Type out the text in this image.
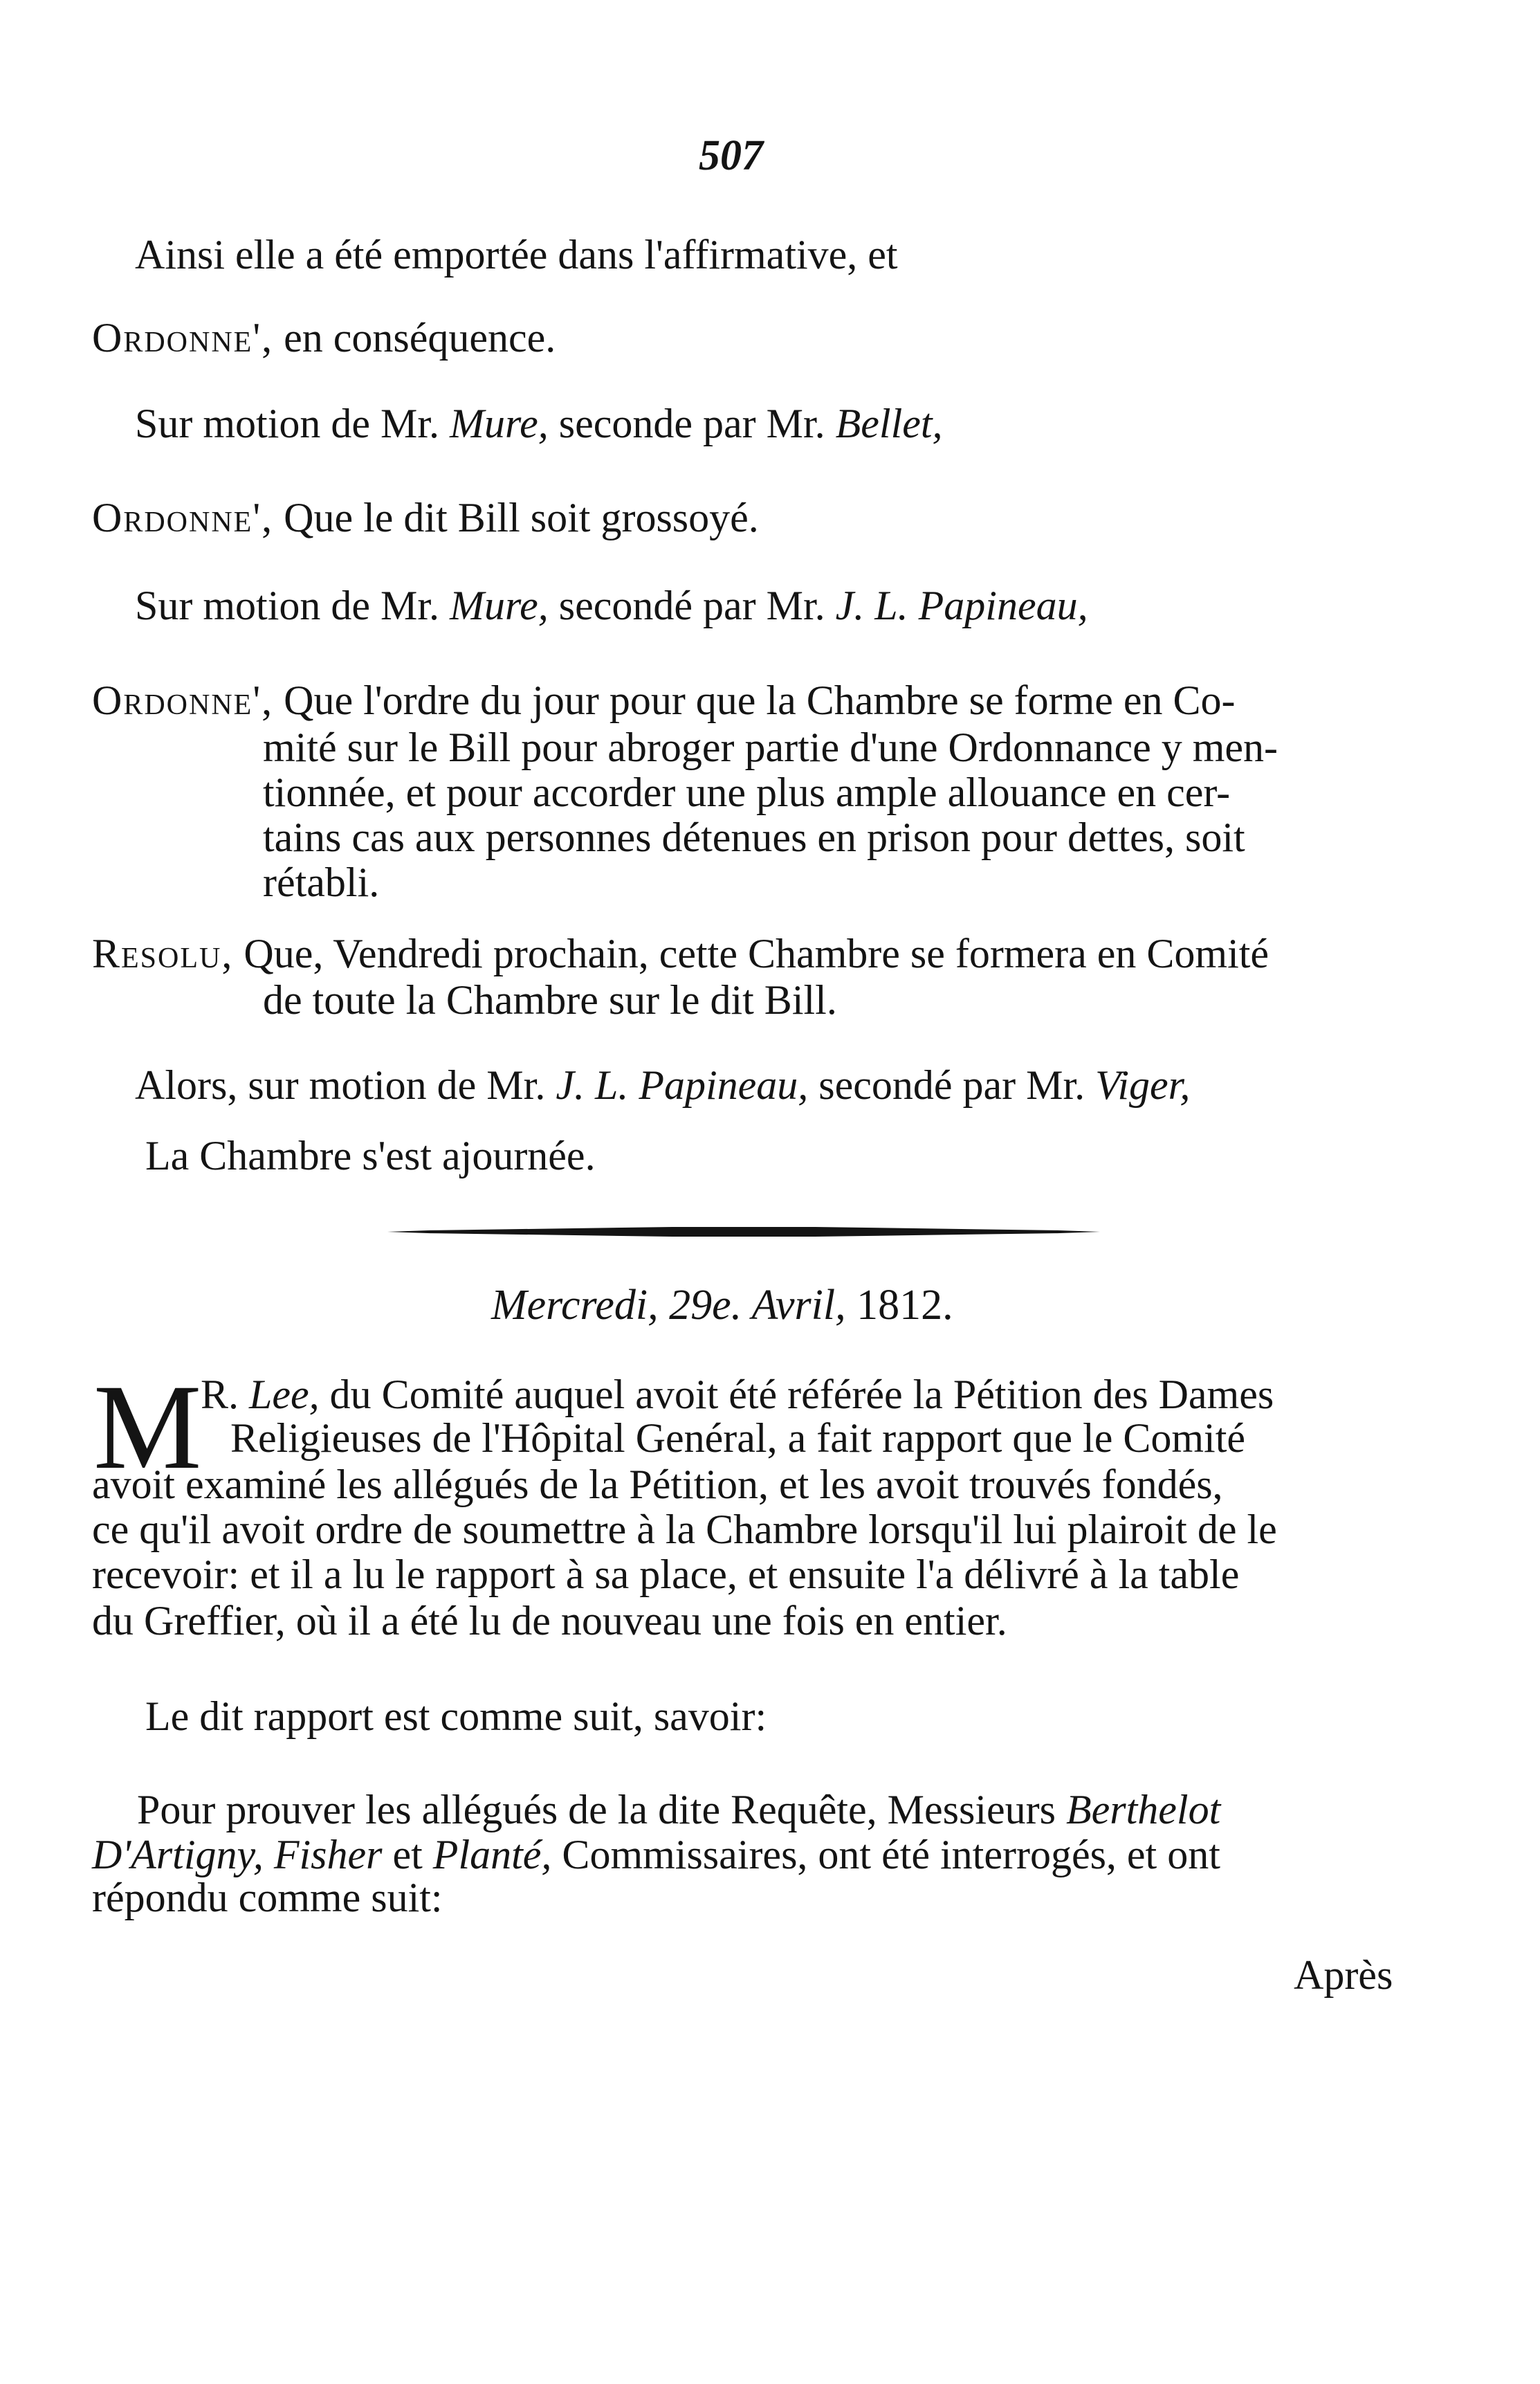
507
Ainsi elle a été emportée dans l'affirmative, et
Ordonne', en conséquence.
Sur motion de Mr. Mure, seconde par Mr. Bellet,
Ordonne', Que le dit Bill soit grossoyé.
Sur motion de Mr. Mure, secondé par Mr. J. L. Papineau,
Ordonne', Que l'ordre du jour pour que la Chambre se forme en Co-
mité sur le Bill pour abroger partie d'une Ordonnance y men-
tionnée, et pour accorder une plus ample allouance en cer-
tains cas aux personnes détenues en prison pour dettes, soit
rétabli.
Resolu, Que, Vendredi prochain, cette Chambre se formera en Comité
de toute la Chambre sur le dit Bill.
Alors, sur motion de Mr. J. L. Papineau, secondé par Mr. Viger,
La Chambre s'est ajournée.
Mercredi, 29e. Avril, 1812.
M
R. Lee, du Comité auquel avoit été référée la Pétition des Dames
Religieuses de l'Hôpital Genéral, a fait rapport que le Comité
avoit examiné les allégués de la Pétition, et les avoit trouvés fondés,
ce qu'il avoit ordre de soumettre à la Chambre lorsqu'il lui plairoit de le
recevoir: et il a lu le rapport à sa place, et ensuite l'a délivré à la table
du Greffier, où il a été lu de nouveau une fois en entier.
Le dit rapport est comme suit, savoir:
Pour prouver les allégués de la dite Requête, Messieurs Berthelot
D'Artigny, Fisher et Planté, Commissaires, ont été interrogés, et ont
répondu comme suit:
Après
